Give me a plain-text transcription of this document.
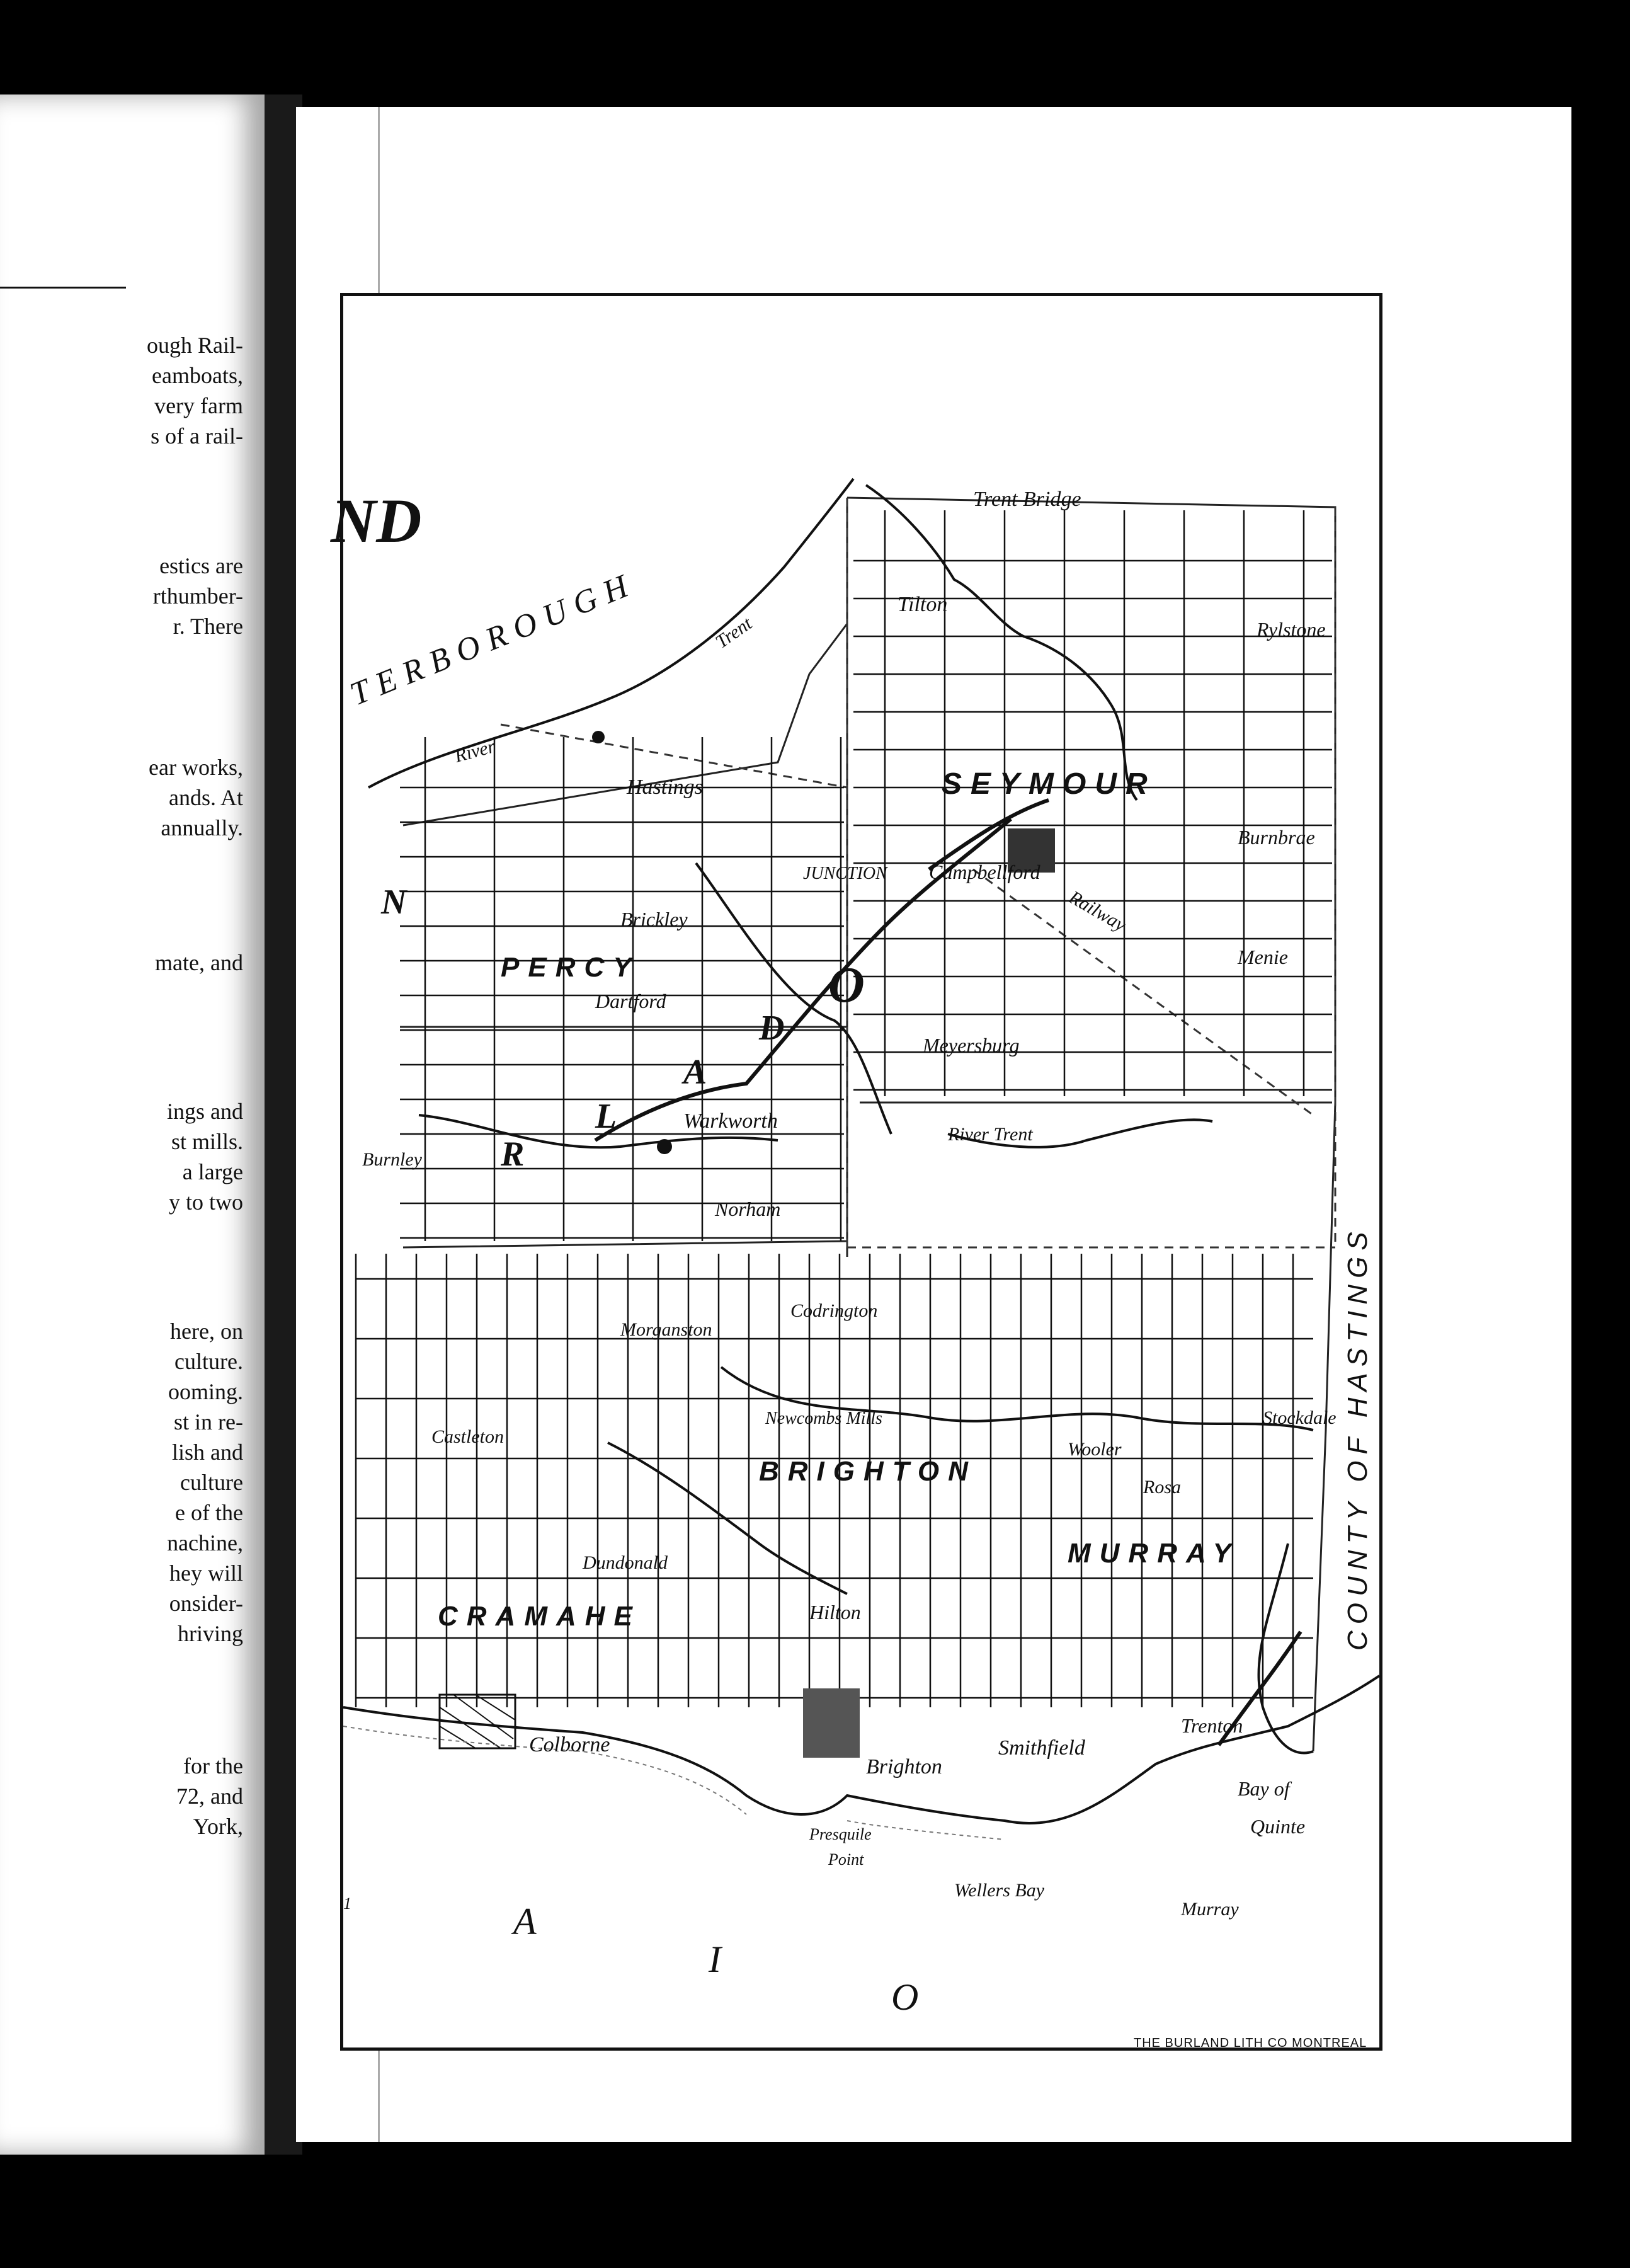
ough Rail-
eamboats,
very farm
s of a rail-
estics are
rthumber-
r. There
ear works,
ands. At
annually.
mate, and
ings and
st mills.
a large
y to two
here, on
culture.
ooming.
st in re-
lish and
culture
e of the
nachine,
hey will
onsider-
hriving
for the
72, and
York,
Trent Bridge
Tilton
Rylstone
TERBOROUGH	Trent
River
Hastings	SEYMOUR
JUNCTION Campbellford
Railway
Burnbrae
Menie
PERCY
Brickley
Dartford
Meyersburg
River Trent
Warkworth
Norham
Burnley
Morganston
Codrington
Castleton
O
N
A
L
R
D
Newcombs Mills
BRIGHTON
Stockdale
Wooler
Rosa
MURRAY
Dundonald
CRAMAHE	Hilton
Trenton
Colborne	Smithfield
Brighton
Bay of
Quinte
Presquile
Point
Wellers Bay
Murray
A
I
O
COUNTY OF HASTINGS
1
ND
THE BURLAND LITH CO MONTREAL
